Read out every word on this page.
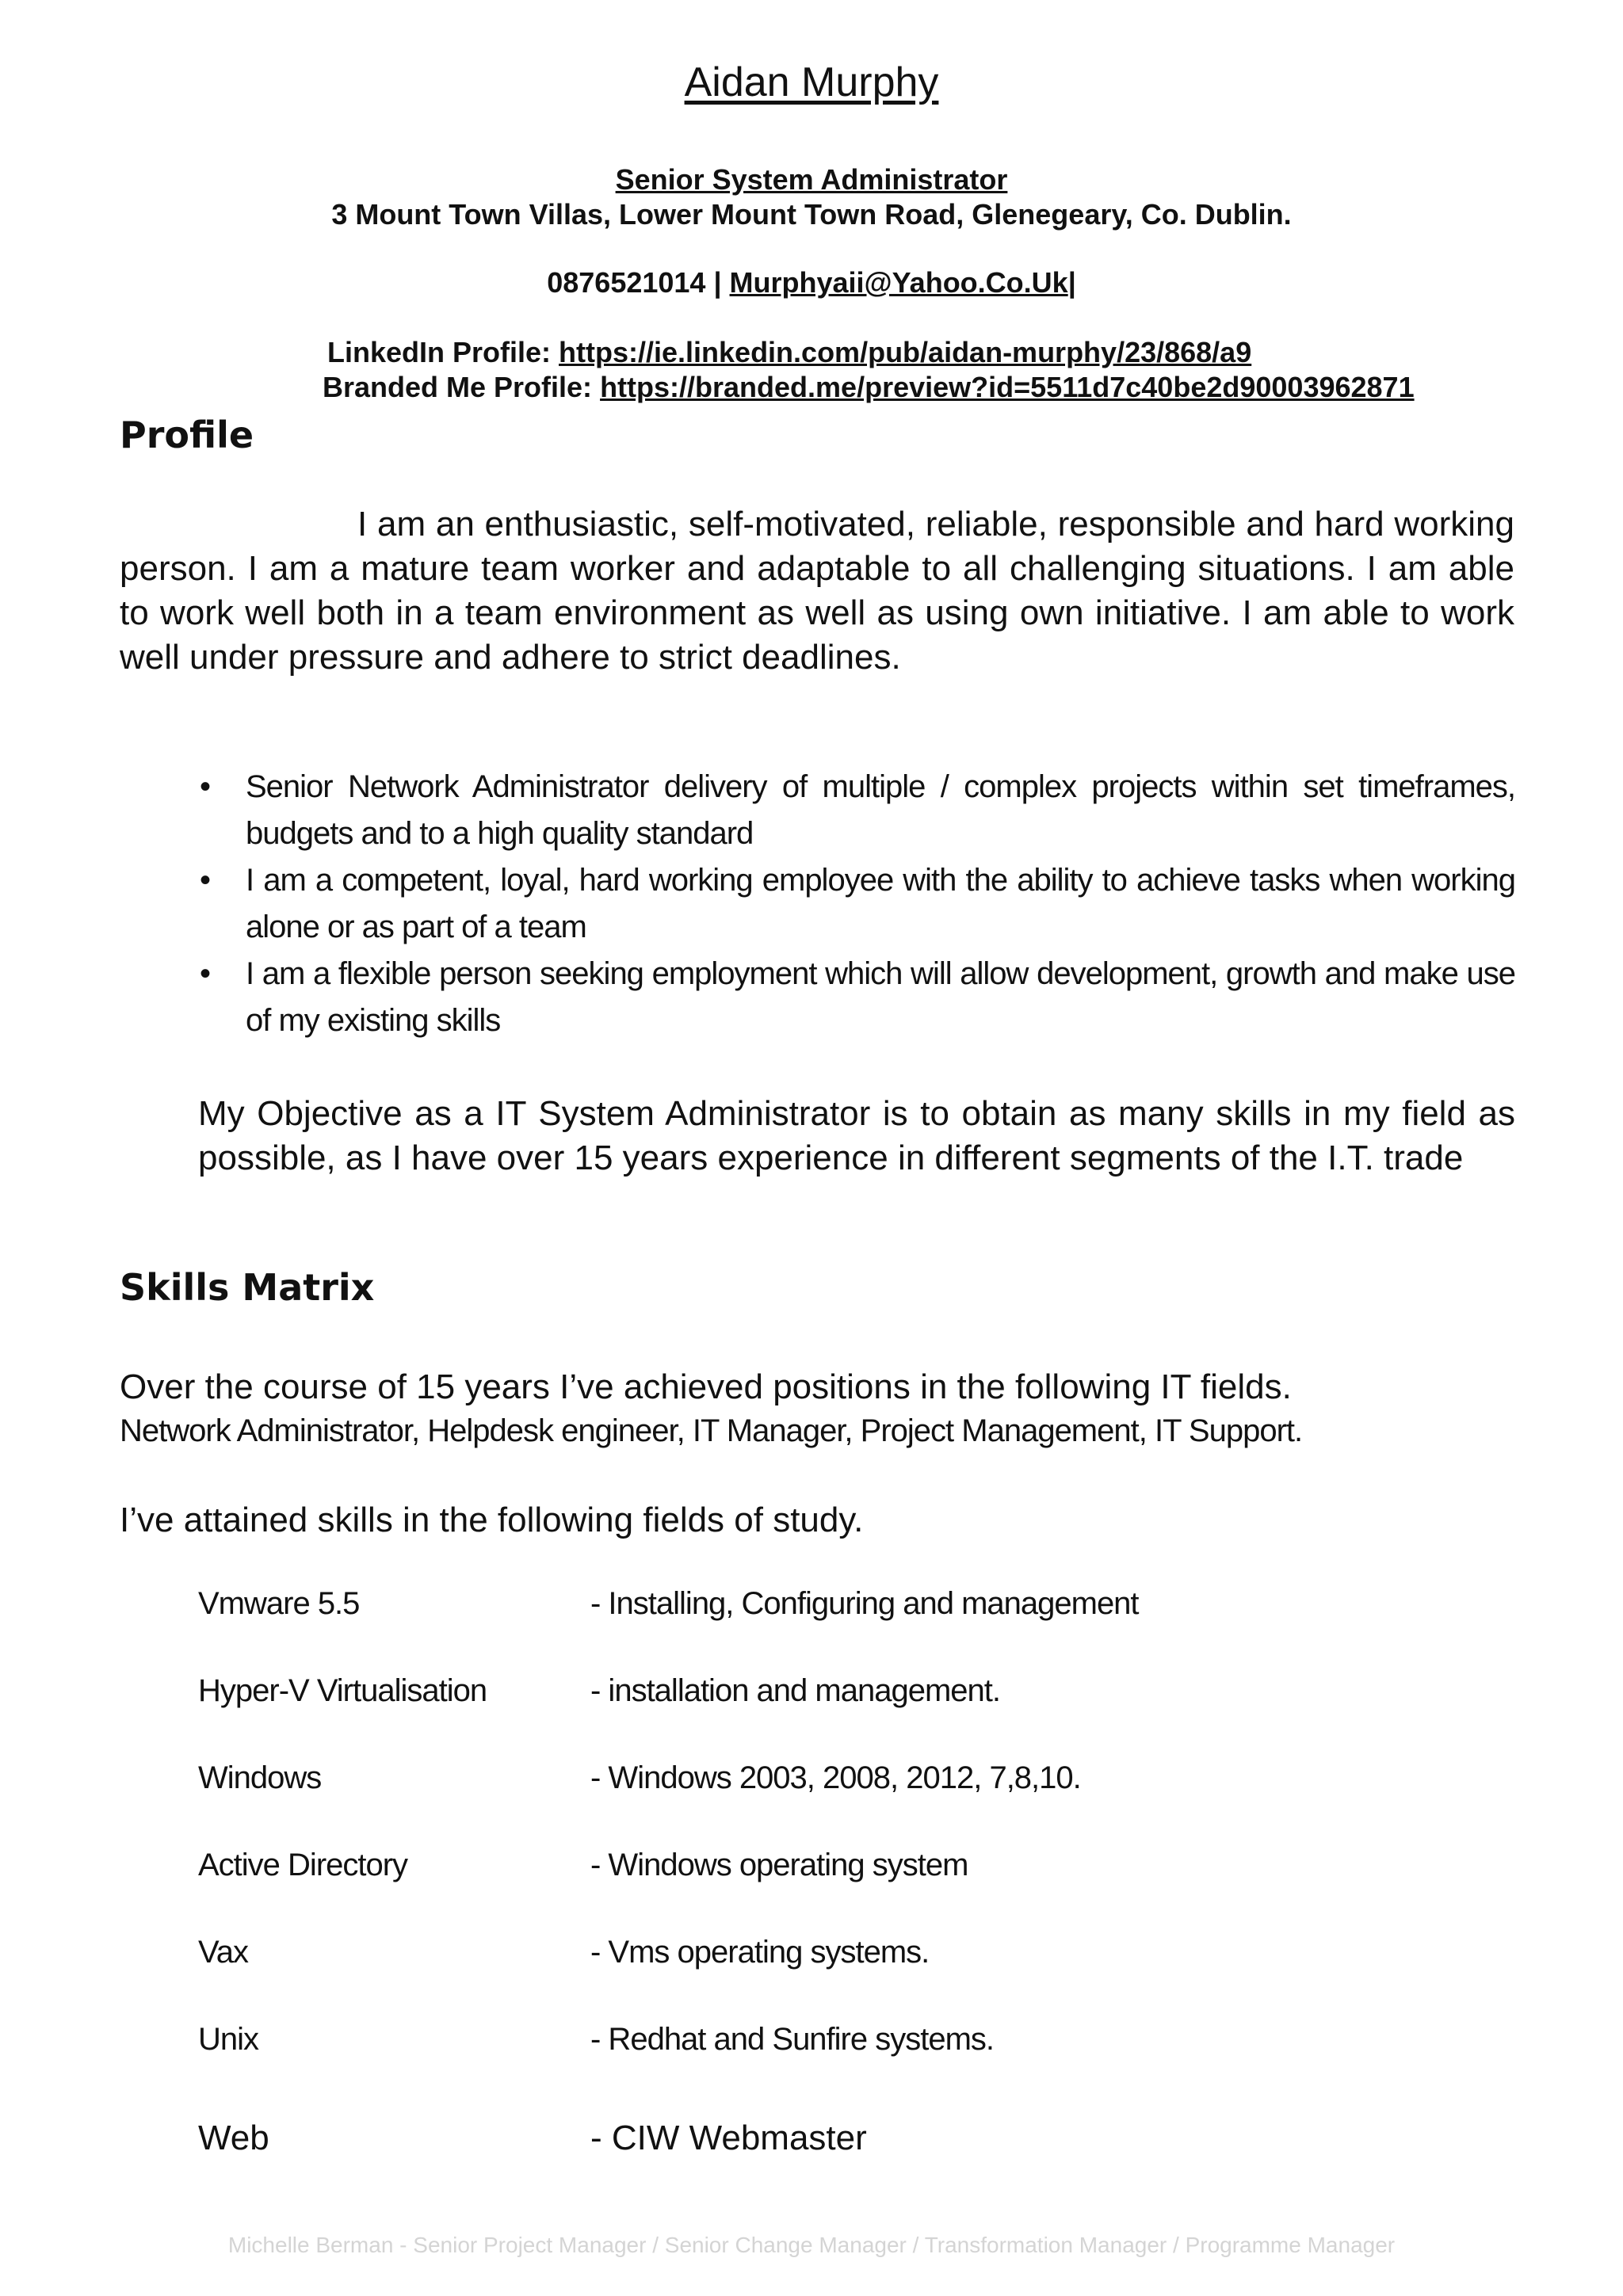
Aidan Murphy
Senior System Administrator
3 Mount Town Villas, Lower Mount Town Road, Glenegeary, Co. Dublin.
0876521014 | Murphyaii@Yahoo.Co.Uk|
LinkedIn Profile: https://ie.linkedin.com/pub/aidan-murphy/23/868/a9
Branded Me Profile: https://branded.me/preview?id=5511d7c40be2d90003962871
Profile
I am an enthusiastic, self-motivated, reliable, responsible and hard working person. I am a mature team worker and adaptable to all challenging situations. I am able to work well both in a team environment as well as using own initiative. I am able to work well under pressure and adhere to strict deadlines.
• Senior Network Administrator delivery of multiple / complex projects within set timeframes, budgets and to a high quality standard
• I am a competent, loyal, hard working employee with the ability to achieve tasks when working alone or as part of a team
• I am a flexible person seeking employment which will allow development, growth and make use of my existing skills
My Objective as a IT System Administrator is to obtain as many skills in my field as possible, as I have over 15 years experience in different segments of the I.T. trade
Skills Matrix
Over the course of 15 years I’ve achieved positions in the following IT fields.
Network Administrator, Helpdesk engineer, IT Manager, Project Management, IT Support.
I’ve attained skills in the following fields of study.
Vmware 5.5	- Installing, Configuring and management
Hyper-V Virtualisation	- installation and management.
Windows	- Windows 2003, 2008, 2012, 7,8,10.
Active Directory	- Windows operating system
Vax	- Vms operating systems.
Unix	- Redhat and Sunfire systems.
Web	- CIW Webmaster
Michelle Berman - Senior Project Manager / Senior Change Manager / Transformation Manager / Programme Manager
